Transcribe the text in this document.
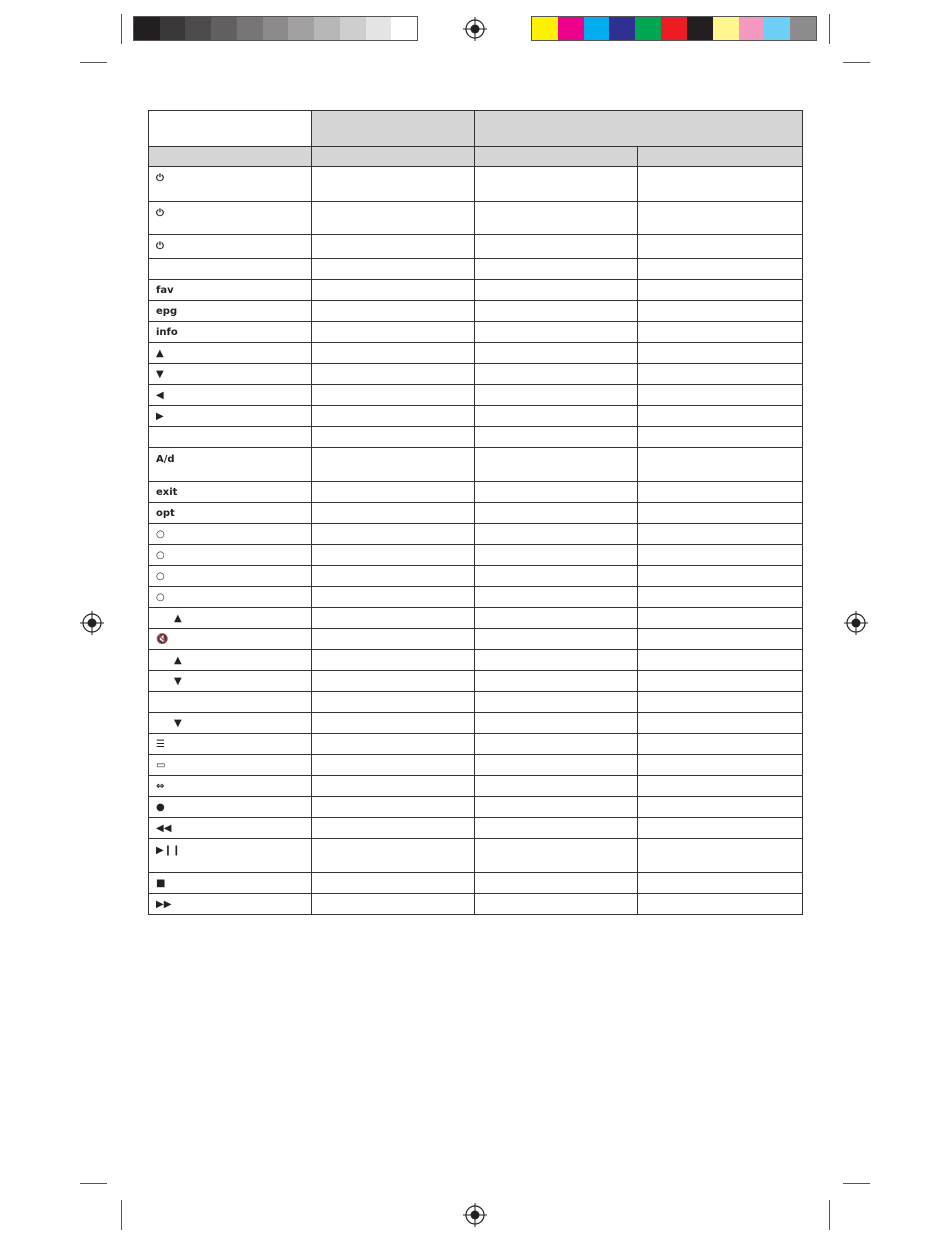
⏻			
⏻			
⏻			

fav			
epg			
info			
▲			
▼			
◀			
▶			

A/d			
exit			
opt			
○			
○			
○			
○			
▲			
🔇			
▲			
▼			

▼			
☰			
▭			
⇔			
●			
◀◀			
▶❙❙			
■			
▶▶			
